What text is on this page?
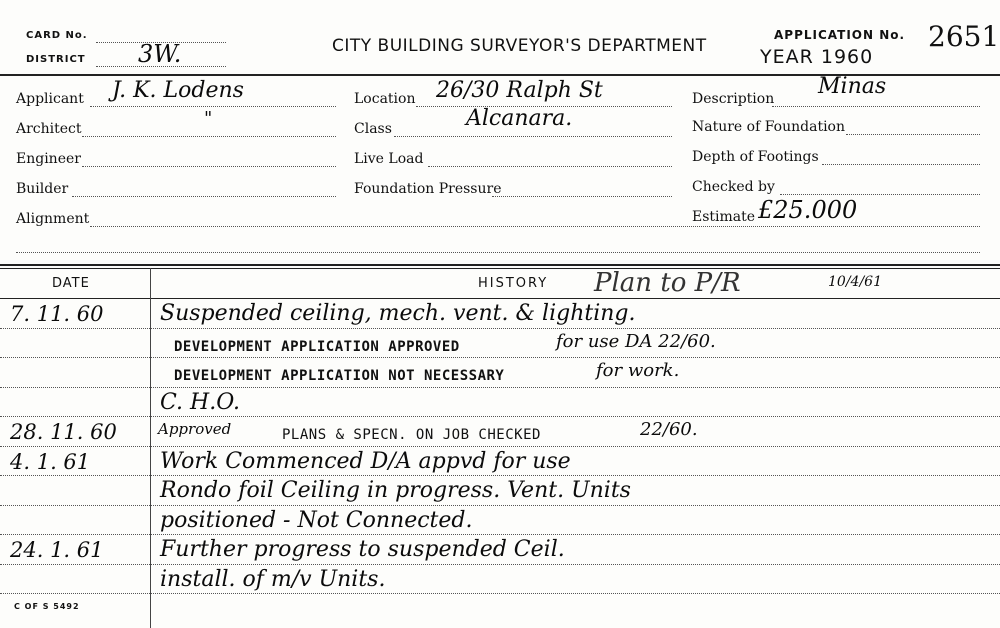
CARD No.
DISTRICT 3W.	CITY BUILDING SURVEYOR'S DEPARTMENT
APPLICATION No. 2651
YEAR 1960
Applicant J. K. Lodens
Architect	"
Engineer
Builder
Alignment
Location 26/30 Ralph St
Class	Alcanara.
Live Load
Foundation Pressure
Description Minas
Nature of Foundation
Depth of Footings
Checked by
Estimate £25.000
DATE	HISTORY Plan to P/R	10/4/61
7. 11. 60	Suspended ceiling, mech. vent. & lighting.
DEVELOPMENT APPLICATION APPROVED	for use DA 22/60.
DEVELOPMENT APPLICATION NOT NECESSARY	for work.
C. H.O.
28. 11. 60	Approved	PLANS & SPECN. ON JOB CHECKED	22/60.
4. 1. 61	Work Commenced D/A appvd for use
Rondo foil Ceiling in progress. Vent. Units
positioned - Not Connected.
24. 1. 61	Further progress to suspended Ceil.
install. of m/v Units.
C OF S 5492
